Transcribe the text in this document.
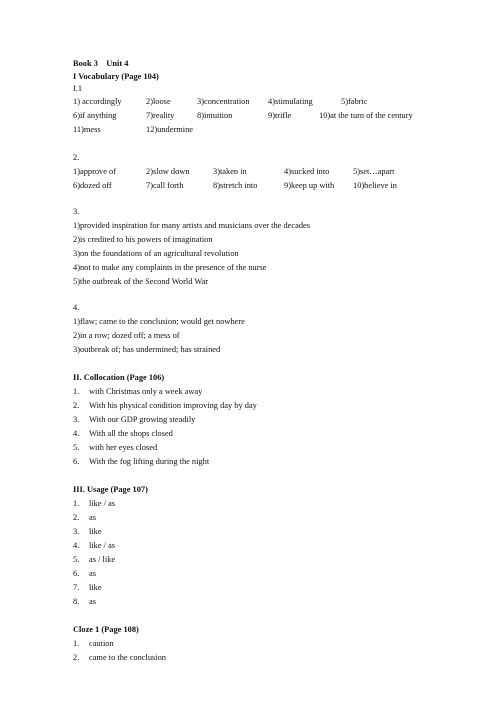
Book 3 Unit 4
I Vocabulary (Page 104)
I.1
1) accordingly	2)loose	3)concentration 4)stimulating	5)fabric
6)if anything	7)reality	8)intuition	9)trifle	10)at the turn of the century
11)mess	12)undermine
2.
1)approve of	2)slow down	3)taken in	4)sucked into	5)set…apart
6)dozed off	7)call forth	8)stretch into	9)keep up with 10)believe in
3.
1)provided inspiration for many artists and musicians over the decades
2)is credited to his powers of imagination
3)on the foundations of an agricultural revolution
4)not to make any complaints in the presence of the nurse
5)the outbreak of the Second World War
4.
1)flaw; came to the conclusion; would get nowhere
2)in a row; dozed off; a mess of
3)outbreak of; has undermined; has strained
II. Collocation (Page 106)
1. with Christmas only a week away
2. With his physical condition improving day by day
3. With our GDP growing steadily
4. With all the shops closed
5. with her eyes closed
6. With the fog lifting during the night
III. Usage (Page 107)
1. like / as
2. as
3. like
4. like / as
5. as / like
6. as
7. like
8. as
Cloze 1 (Page 108)
1. caution
2. came to the conclusion
